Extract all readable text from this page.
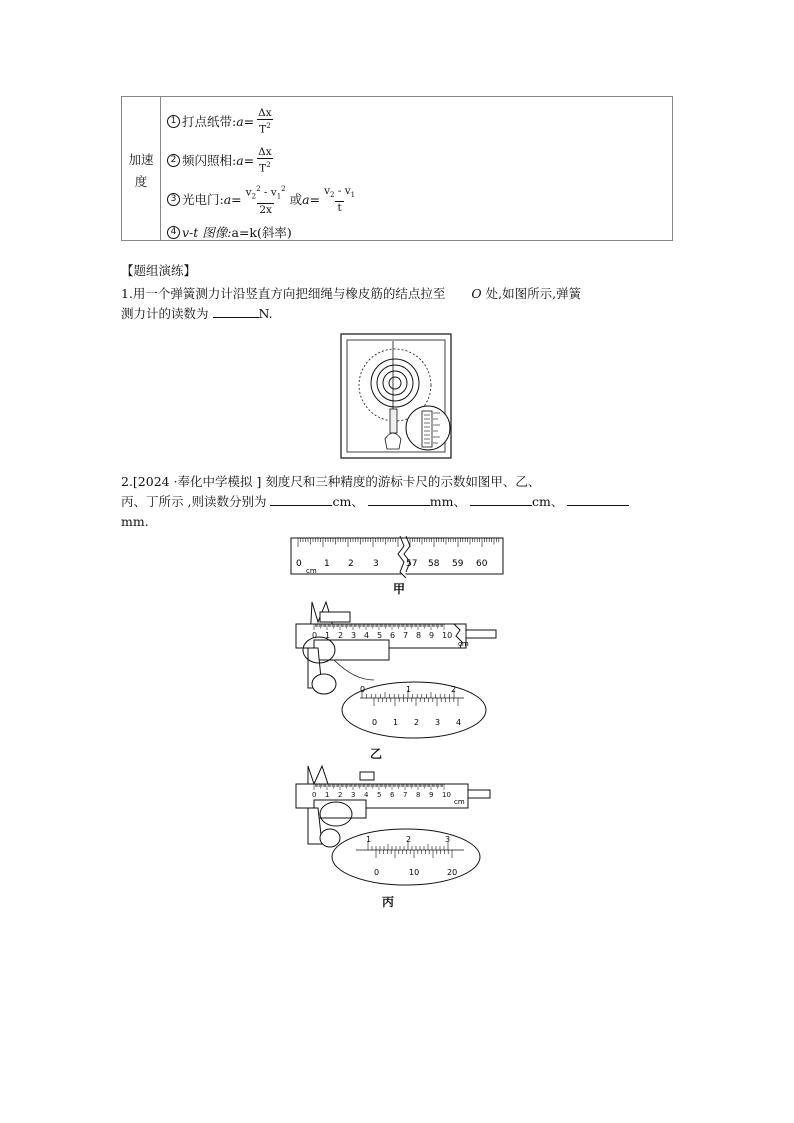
加速度
1 打点纸带: $a= \frac{\Delta x}{T^2}$
2 频闪照相: $a= \frac{\Delta x}{T^2}$
3 光电门: $a= \frac{v_2^2 - v_1^2}{2x}$ 或 $a= \frac{v_2 - v_1}{t}$
4 v-t 图像: a=k(斜率)
【题组演练】
1.用一个弹簧测力计沿竖直方向把细绳与橡皮筋的结点拉至 O 处,如图所示,弹簧
测力计的读数为	N.
2.[2024 ·奉化中学模拟 ] 刻度尺和三种精度的游标卡尺的示数如图甲、乙、
丙、丁所示 ,则读数分别为	cm、	mm、	cm、
mm.
0
cm
1 2 3	57 58 59 60
甲
0 1 2 3 4 5 6 7 8 9 10
cm
0	1	2
0 1 2 3 4
乙
0 1 2 3 4 5 6 7 8 9 10
cm
1	2	3
0	10	20
丙
